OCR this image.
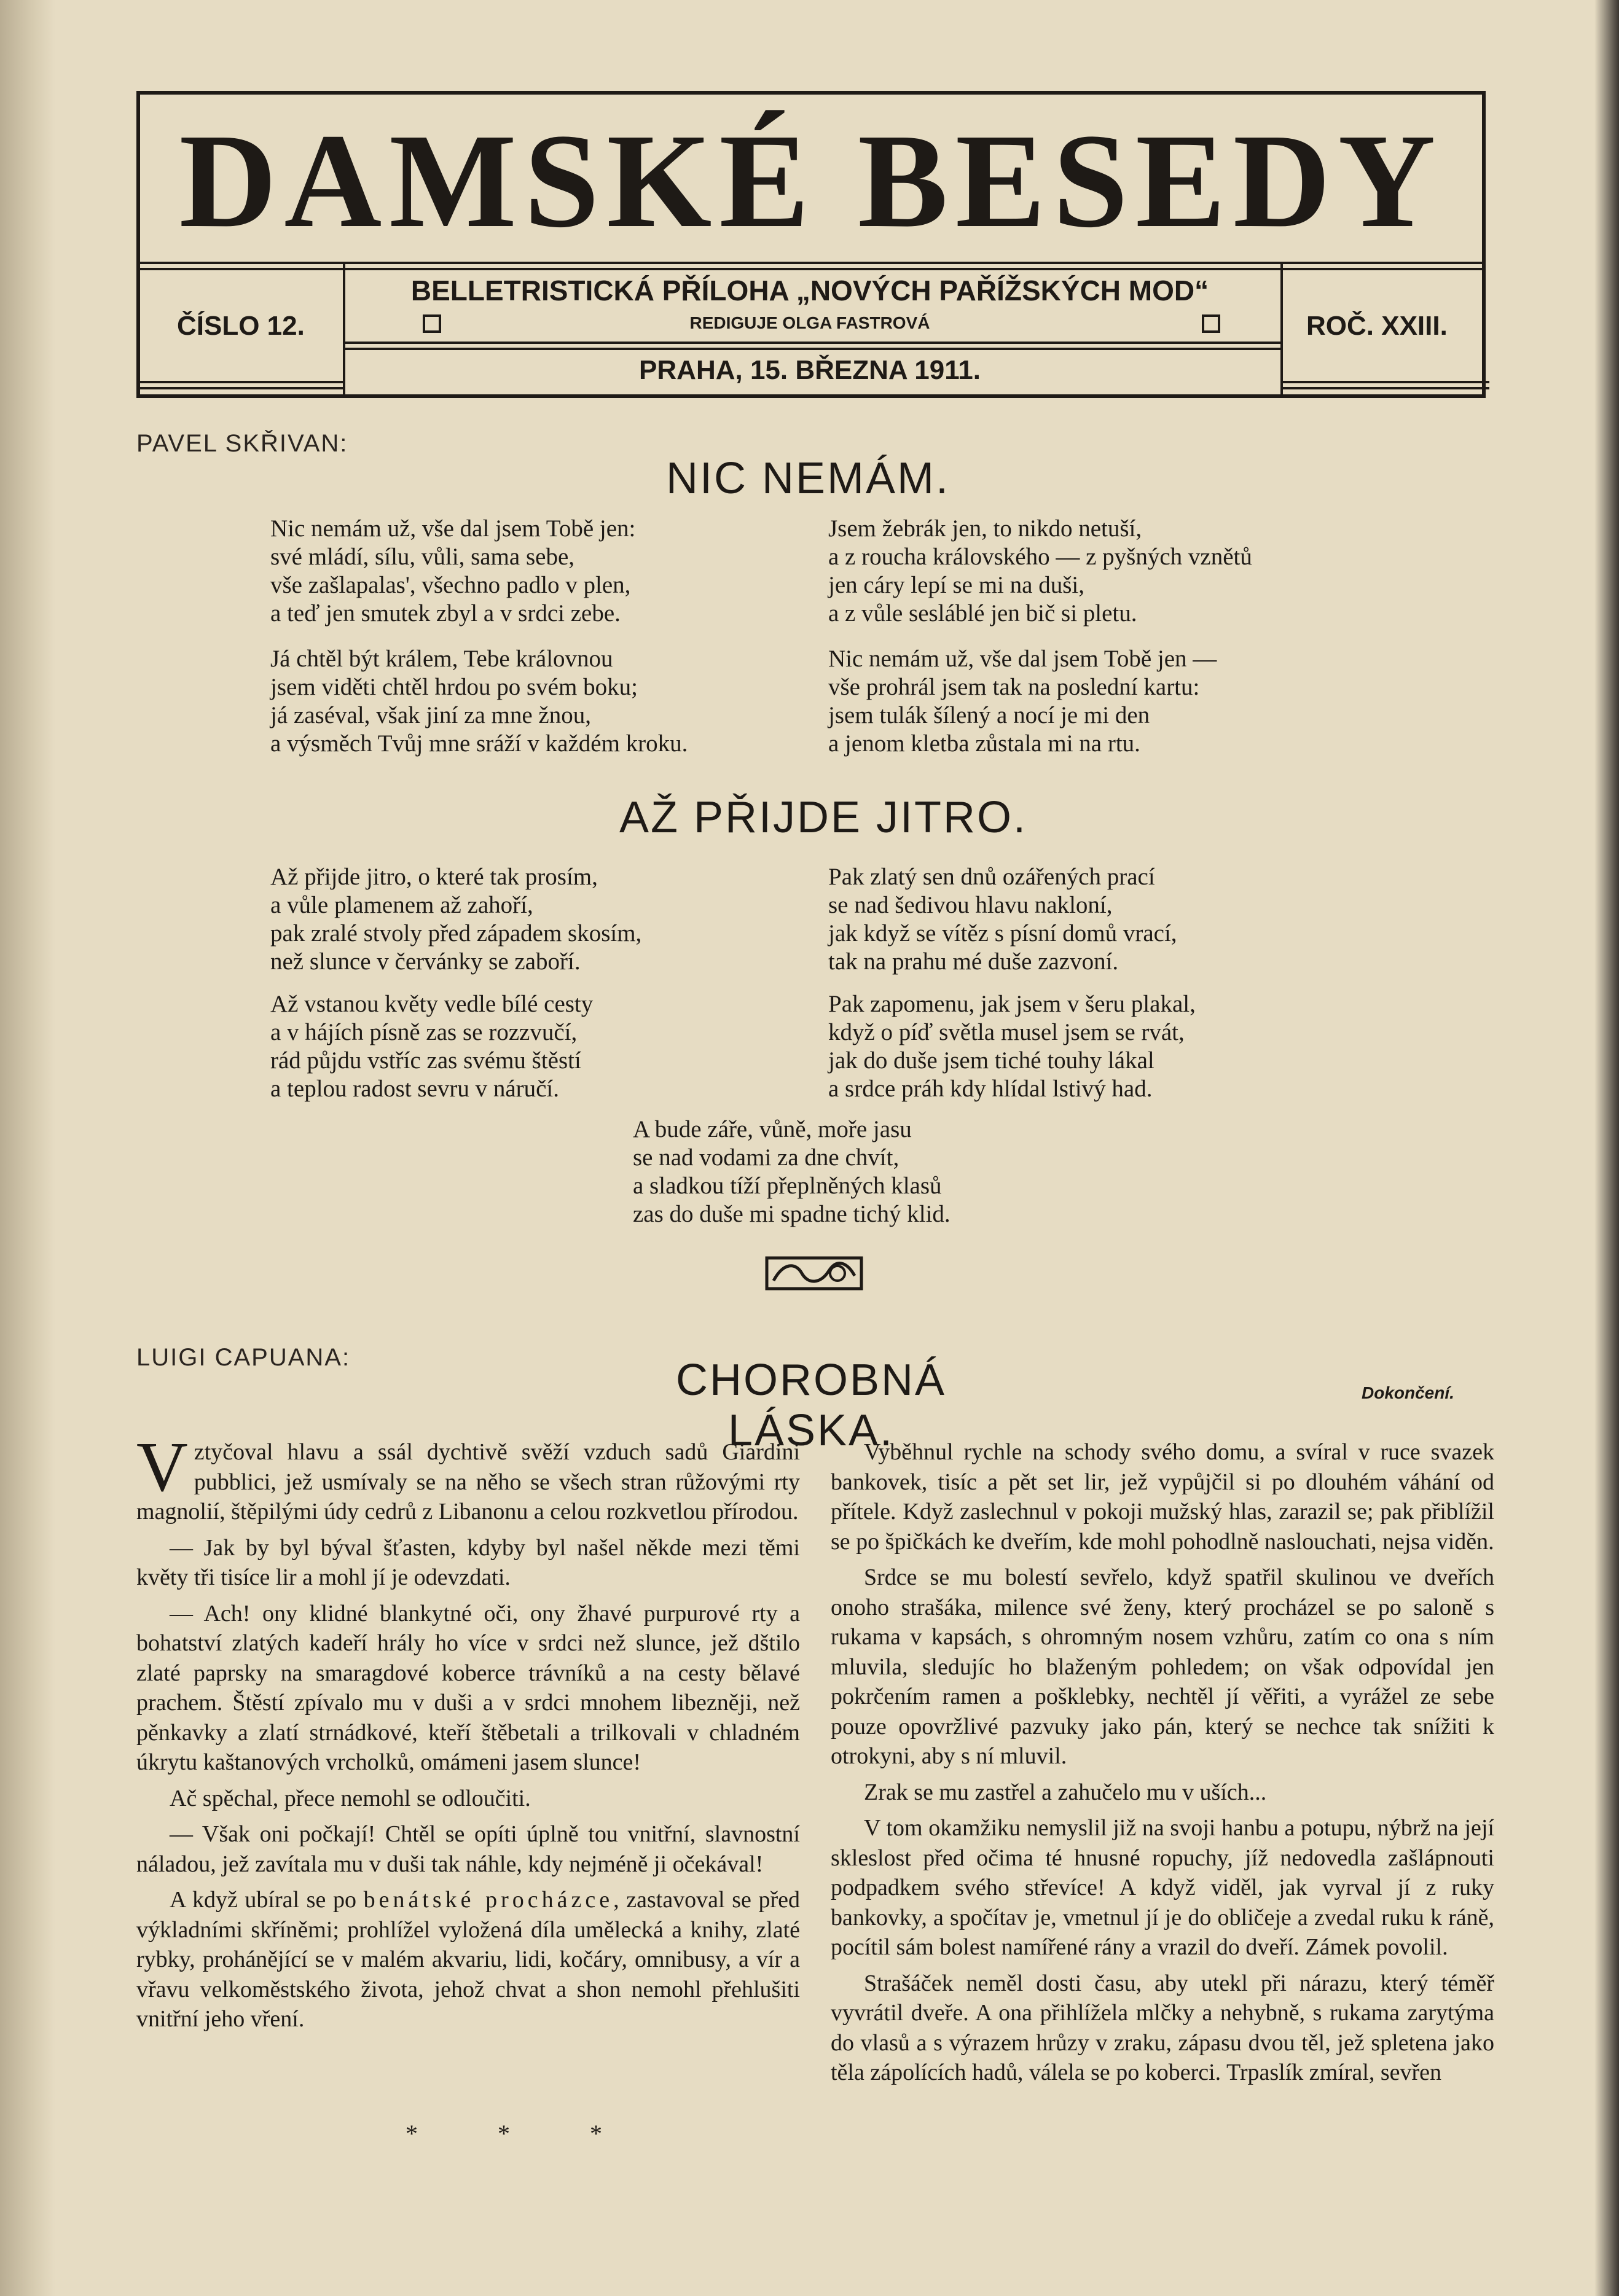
DAMSKÉ BESEDY
BELLETRISTICKÁ PŘÍLOHA „NOVÝCH PAŘÍŽSKÝCH MOD“
REDIGUJE OLGA FASTROVÁ
PRAHA, 15. BŘEZNA 1911.
ČÍSLO 12.	ROČ. XXIII.
PAVEL SKŘIVAN:
NIC NEMÁM.
Nic nemám už, vše dal jsem Tobě jen:
své mládí, sílu, vůli, sama sebe,
vše zašlapalas', všechno padlo v plen,
a teď jen smutek zbyl a v srdci zebe.
Já chtěl být králem, Tebe královnou
jsem viděti chtěl hrdou po svém boku;
já zaséval, však jiní za mne žnou,
a výsměch Tvůj mne sráží v každém kroku.
Jsem žebrák jen, to nikdo netuší,
a z roucha královského — z pyšných vznětů
jen cáry lepí se mi na duši,
a z vůle sesláblé jen bič si pletu.
Nic nemám už, vše dal jsem Tobě jen —
vše prohrál jsem tak na poslední kartu:
jsem tulák šílený a nocí je mi den
a jenom kletba zůstala mi na rtu.
AŽ PŘIJDE JITRO.
Až přijde jitro, o které tak prosím,
a vůle plamenem až zahoří,
pak zralé stvoly před západem skosím,
než slunce v červánky se zaboří.
Až vstanou květy vedle bílé cesty
a v hájích písně zas se rozzvučí,
rád půjdu vstříc zas svému štěstí
a teplou radost sevru v náručí.
Pak zlatý sen dnů ozářených prací
se nad šedivou hlavu nakloní,
jak když se vítěz s písní domů vrací,
tak na prahu mé duše zazvoní.
Pak zapomenu, jak jsem v šeru plakal,
když o píď světla musel jsem se rvát,
jak do duše jsem tiché touhy lákal
a srdce práh kdy hlídal lstivý had.
A bude záře, vůně, moře jasu
se nad vodami za dne chvít,
a sladkou tíží přeplněných klasů
zas do duše mi spadne tichý klid.
LUIGI CAPUANA:	CHOROBNÁ LÁSKA.
Dokončení.

Vztyčoval hlavu a ssál dychtivě svěží vzduch sadů Giardini pubblici, jež usmívaly se na něho se všech stran růžovými rty magnolií, štěpilými údy cedrů z Libanonu a celou rozkvetlou přírodou.

— Jak by byl býval šťasten, kdyby byl našel někde mezi těmi květy tři tisíce lir a mohl jí je odevzdati.

— Ach! ony klidné blankytné oči, ony žhavé purpurové rty a bohatství zlatých kadeří hrály ho více v srdci než slunce, jež dštilo zlaté paprsky na smaragdové koberce trávníků a na cesty bělavé prachem. Štěstí zpívalo mu v duši a v srdci mnohem libezněji, než pěnkavky a zlatí strnádkové, kteří štěbetali a trilkovali v chladném úkrytu kaštanových vrcholků, omámeni jasem slunce!

Ač spěchal, přece nemohl se odloučiti.

— Však oni počkají! Chtěl se opíti úplně tou vnitřní, slavnostní náladou, jež zavítala mu v duši tak náhle, kdy nejméně ji očekával!

A když ubíral se po benátské procházce, zastavoval se před výkladními skříněmi; prohlížel vyložená díla umělecká a knihy, zlaté rybky, prohánějící se v malém akvariu, lidi, kočáry, omnibusy, a vír a vřavu velkoměstského života, jehož chvat a shon nemohl přehlušiti vnitřní jeho vření.

* * *

Vyběhnul rychle na schody svého domu, a svíral v ruce svazek bankovek, tisíc a pět set lir, jež vypůjčil si po dlouhém váhání od přítele. Když zaslechnul v pokoji mužský hlas, zarazil se; pak přiblížil se po špičkách ke dveřím, kde mohl pohodlně naslouchati, nejsa viděn.

Srdce se mu bolestí sevřelo, když spatřil skulinou ve dveřích onoho strašáka, milence své ženy, který procházel se po saloně s rukama v kapsách, s ohromným nosem vzhůru, zatím co ona s ním mluvila, sledujíc ho blaženým pohledem; on však odpovídal jen pokrčením ramen a pošklebky, nechtěl jí věřiti, a vyrážel ze sebe pouze opovržlivé pazvuky jako pán, který se nechce tak snížiti k otrokyni, aby s ní mluvil.

Zrak se mu zastřel a zahučelo mu v uších...

V tom okamžiku nemyslil již na svoji hanbu a potupu, nýbrž na její skleslost před očima té hnusné ropuchy, jíž nedovedla zašlápnouti podpadkem svého střevíce! A když viděl, jak vyrval jí z ruky bankovky, a spočítav je, vmetnul jí je do obličeje a zvedal ruku k ráně, pocítil sám bolest namířené rány a vrazil do dveří. Zámek povolil.

Strašáček neměl dosti času, aby utekl při nárazu, který téměř vyvrátil dveře. A ona přihlížela mlčky a nehybně, s rukama zarytýma do vlasů a s výrazem hrůzy v zraku, zápasu dvou těl, jež spletena jako těla zápolících hadů, válela se po koberci. Trpaslík zmíral, sevřen
